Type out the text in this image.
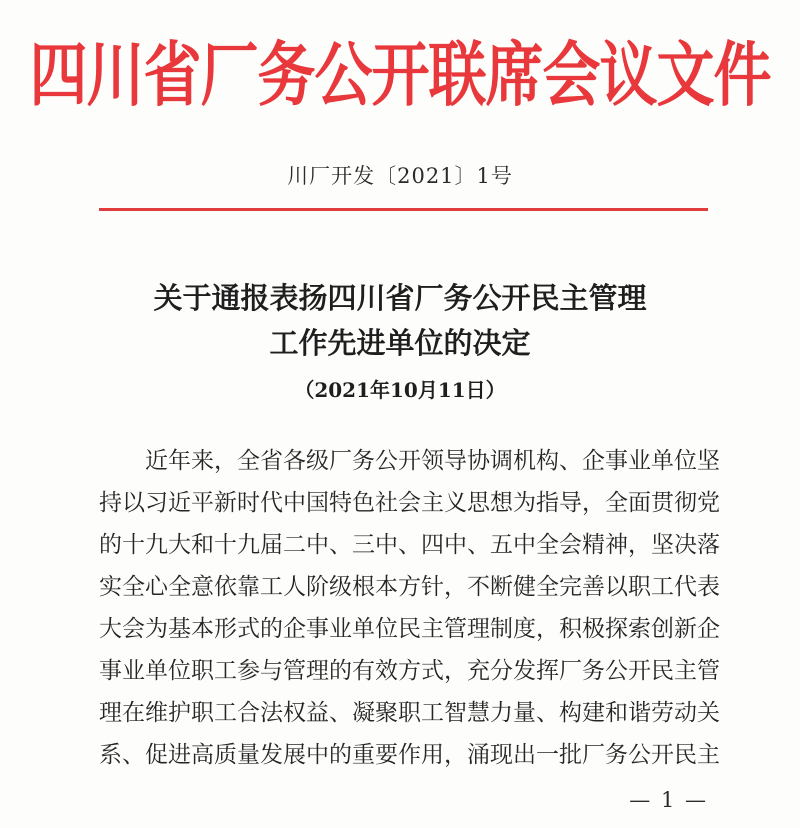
四川省厂务公开联席会议文件
川厂开发〔2021〕1号
关于通报表扬四川省厂务公开民主管理
工作先进单位的决定
（2021年10月11日）
　　近年来，全省各级厂务公开领导协调机构、企事业单位坚
持以习近平新时代中国特色社会主义思想为指导，全面贯彻党
的十九大和十九届二中、三中、四中、五中全会精神，坚决落
实全心全意依靠工人阶级根本方针，不断健全完善以职工代表
大会为基本形式的企事业单位民主管理制度，积极探索创新企
事业单位职工参与管理的有效方式，充分发挥厂务公开民主管
理在维护职工合法权益、凝聚职工智慧力量、构建和谐劳动关
系、促进高质量发展中的重要作用，涌现出一批厂务公开民主
— 1 —
